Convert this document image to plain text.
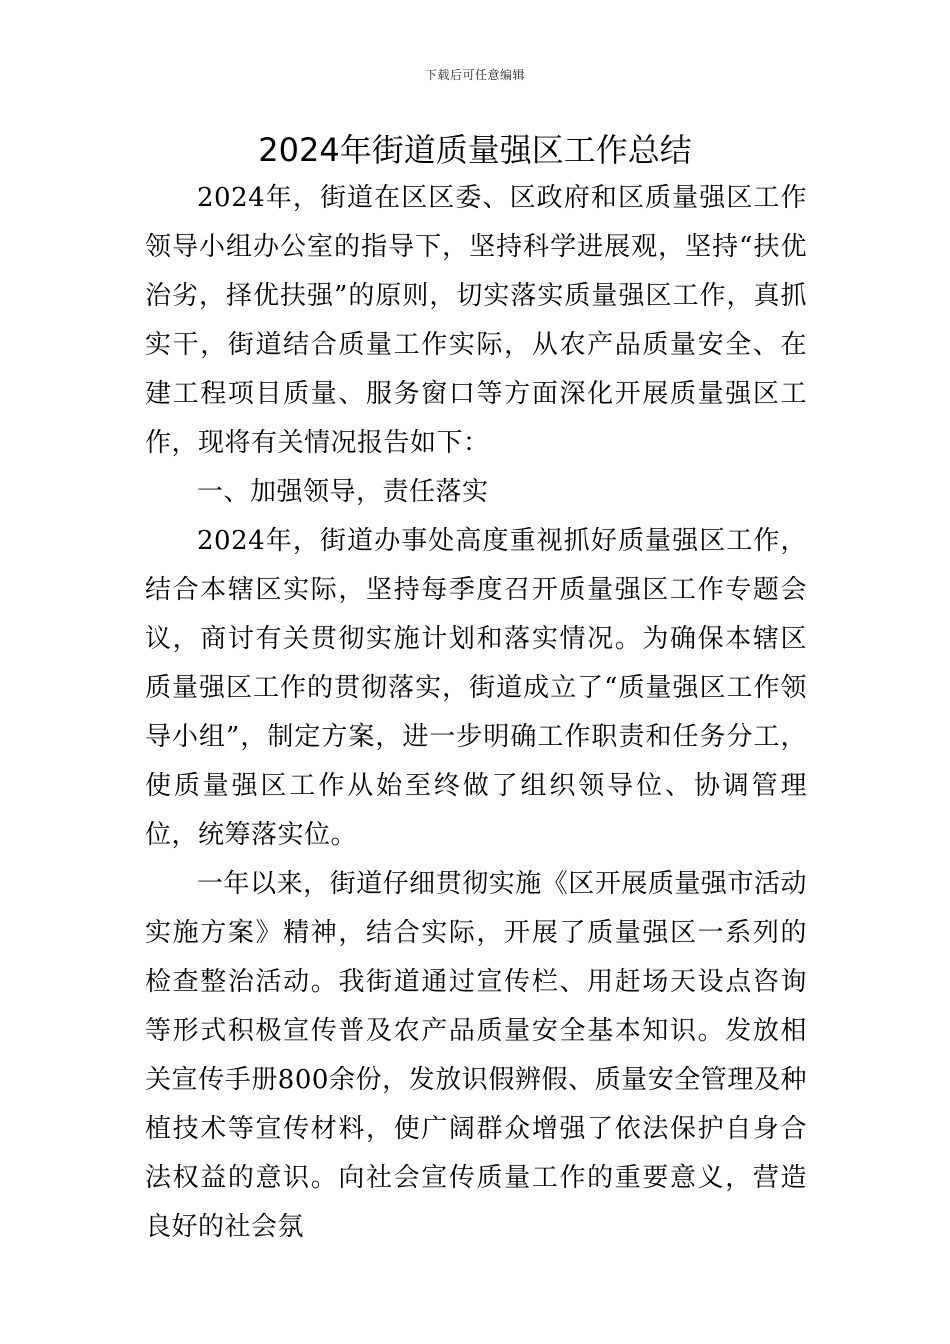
下载后可任意编辑
2024年街道质量强区工作总结

2024年，街道在区区委、区政府和区质量强区工作领导小组办公室的指导下，坚持科学进展观，坚持“扶优治劣，择优扶强”的原则，切实落实质量强区工作，真抓实干，街道结合质量工作实际，从农产品质量安全、在建工程项目质量、服务窗口等方面深化开展质量强区工作，现将有关情况报告如下：

一、加强领导，责任落实

2024年，街道办事处高度重视抓好质量强区工作，结合本辖区实际，坚持每季度召开质量强区工作专题会议，商讨有关贯彻实施计划和落实情况。为确保本辖区质量强区工作的贯彻落实，街道成立了“质量强区工作领导小组”，制定方案，进一步明确工作职责和任务分工，使质量强区工作从始至终做了组织领导位、协调管理位，统筹落实位。

一年以来，街道仔细贯彻实施《区开展质量强市活动实施方案》精神，结合实际，开展了质量强区一系列的检查整治活动。我街道通过宣传栏、用赶场天设点咨询等形式积极宣传普及农产品质量安全基本知识。发放相关宣传手册800余份，发放识假辨假、质量安全管理及种植技术等宣传材料，使广阔群众增强了依法保护自身合法权益的意识。向社会宣传质量工作的重要意义，营造良好的社会氛
